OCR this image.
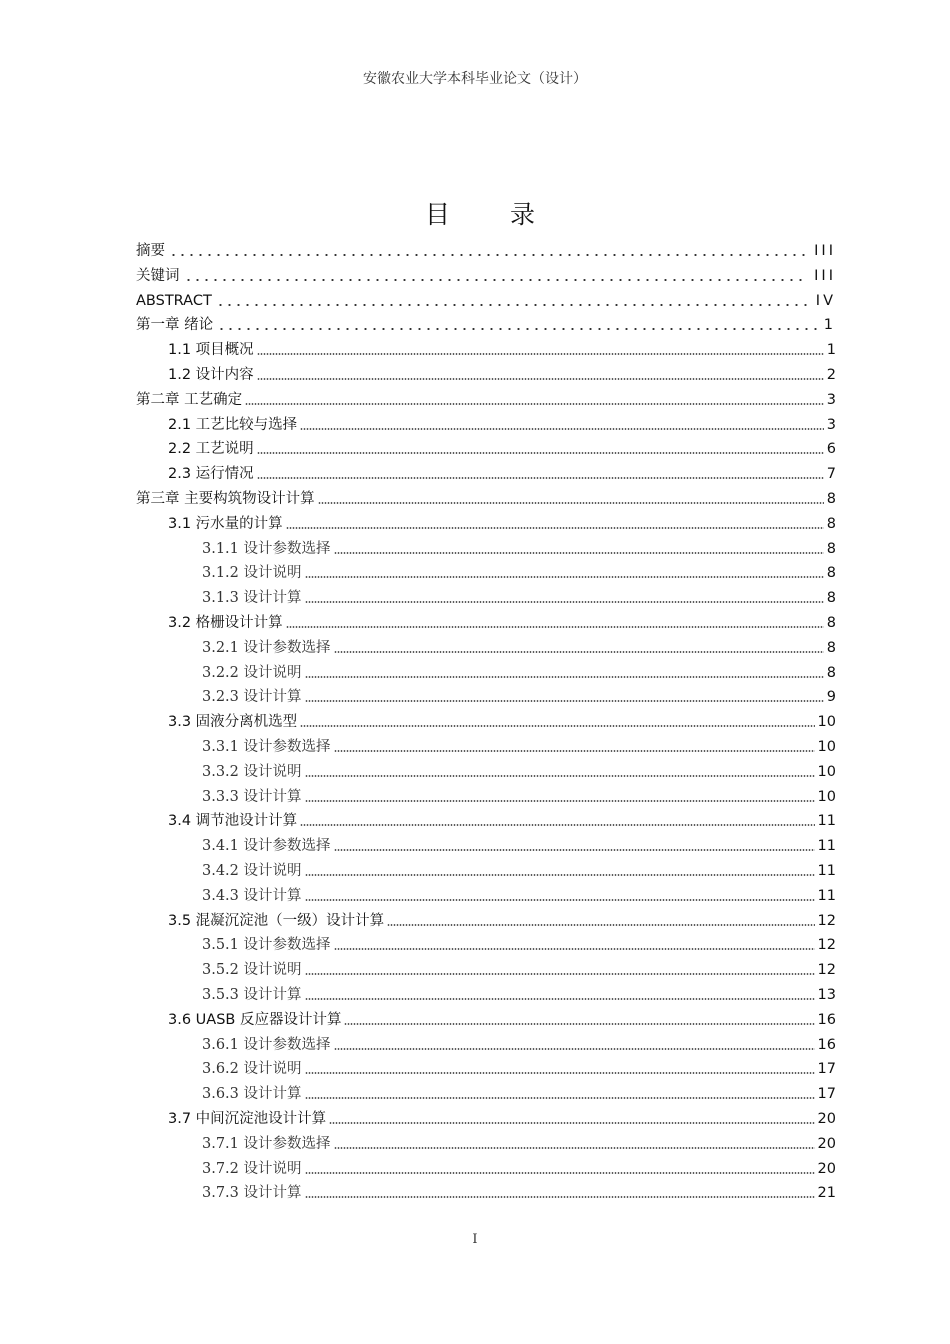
安徽农业大学本科毕业论文（设计）
目 录
摘要	III
关键词	III
ABSTRACT	IV
第一章 绪论	1
1.1 项目概况	1
1.2 设计内容	2
第二章 工艺确定	3
2.1 工艺比较与选择	3
2.2 工艺说明	6
2.3 运行情况	7
第三章 主要构筑物设计计算	8
3.1 污水量的计算	8
3.1.1 设计参数选择	8
3.1.2 设计说明	8
3.1.3 设计计算	8
3.2 格栅设计计算	8
3.2.1 设计参数选择	8
3.2.2 设计说明	8
3.2.3 设计计算	9
3.3 固液分离机选型	10
3.3.1 设计参数选择	10
3.3.2 设计说明	10
3.3.3 设计计算	10
3.4 调节池设计计算	11
3.4.1 设计参数选择	11
3.4.2 设计说明	11
3.4.3 设计计算	11
3.5 混凝沉淀池（一级）设计计算	12
3.5.1 设计参数选择	12
3.5.2 设计说明	12
3.5.3 设计计算	13
3.6 UASB 反应器设计计算	16
3.6.1 设计参数选择	16
3.6.2 设计说明	17
3.6.3 设计计算	17
3.7 中间沉淀池设计计算	20
3.7.1 设计参数选择	20
3.7.2 设计说明	20
3.7.3 设计计算	21
I
